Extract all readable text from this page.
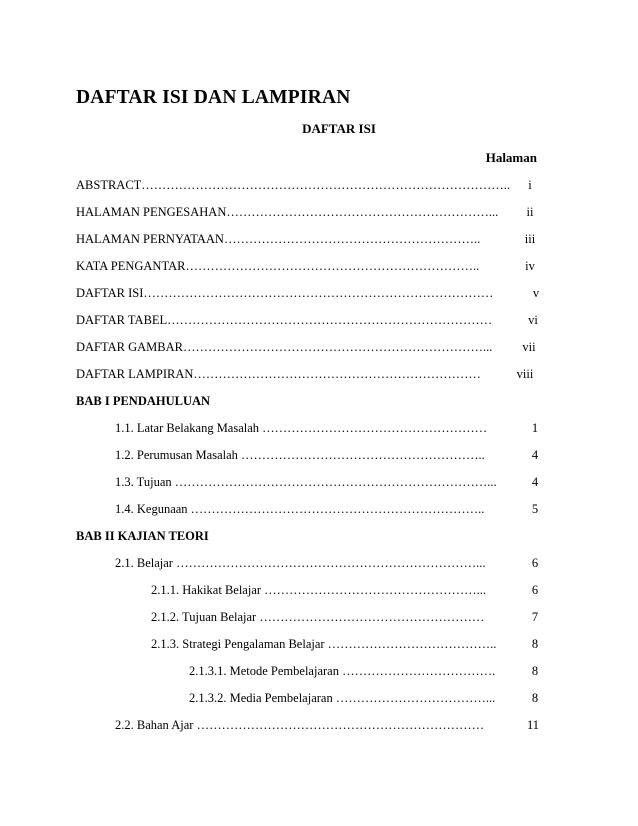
DAFTAR ISI DAN LAMPIRAN
DAFTAR ISI
Halaman
ABSTRACT……………………………………………………………………………..	i
HALAMAN PENGESAHAN………………………………………………………...	ii
HALAMAN PERNYATAAN……………………………………………………..	iii
KATA PENGANTAR……………………………………………………………..	iv
DAFTAR ISI…………………………………………………………………………	v
DAFTAR TABEL……………………………………………………………………	vi
DAFTAR GAMBAR………………………………………………………………...	vii
DAFTAR LAMPIRAN……………………………………………………………	viii
BAB I PENDAHULUAN
1.1. Latar Belakang Masalah ………………………………………………	1
1.2. Perumusan Masalah …………………………………………………..	4
1.3. Tujuan …………………………………………………………………...	4
1.4. Kegunaan ……………………………………………………………..	5
BAB II KAJIAN TEORI
2.1. Belajar ………………………………………………………………...	6
2.1.1. Hakikat Belajar ……………………………………………...	6
2.1.2. Tujuan Belajar ………………………………………………	7
2.1.3. Strategi Pengalaman Belajar …………………………………..	8
2.1.3.1. Metode Pembelajaran ……………………………….	8
2.1.3.2. Media Pembelajaran ………………………………...	8
2.2. Bahan Ajar ……………………………………………………………	11
